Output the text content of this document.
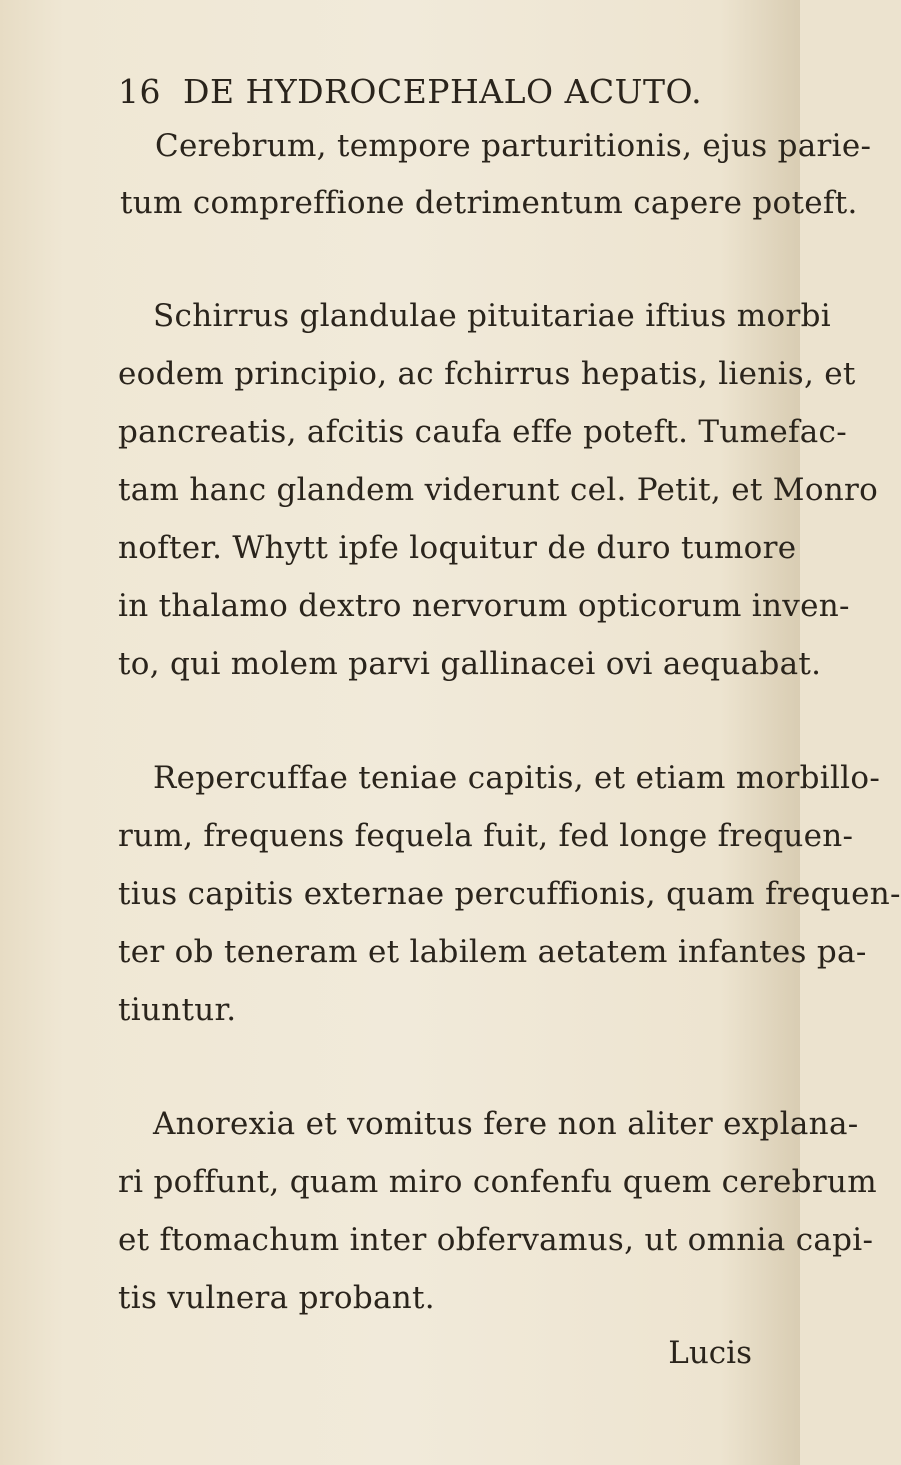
16 DE HYDROCEPHALO ACUTO.
Cerebrum, tempore parturitionis, ejus parie-
tum compreffione detrimentum capere poteft.
Schirrus glandulae pituitariae iftius morbi
eodem principio, ac fchirrus hepatis, lienis, et
pancreatis, afcitis caufa effe poteft. Tumefac-
tam hanc glandem viderunt cel. Petit, et Monro
nofter. Whytt ipfe loquitur de duro tumore
in thalamo dextro nervorum opticorum inven-
to, qui molem parvi gallinacei ovi aequabat.
Repercuffae teniae capitis, et etiam morbillo-
rum, frequens fequela fuit, fed longe frequen-
tius capitis externae percuffionis, quam frequen-
ter ob teneram et labilem aetatem infantes pa-
tiuntur.
Anorexia et vomitus fere non aliter explana-
ri poffunt, quam miro confenfu quem cerebrum
et ftomachum inter obfervamus, ut omnia capi-
tis vulnera probant.
Lucis
